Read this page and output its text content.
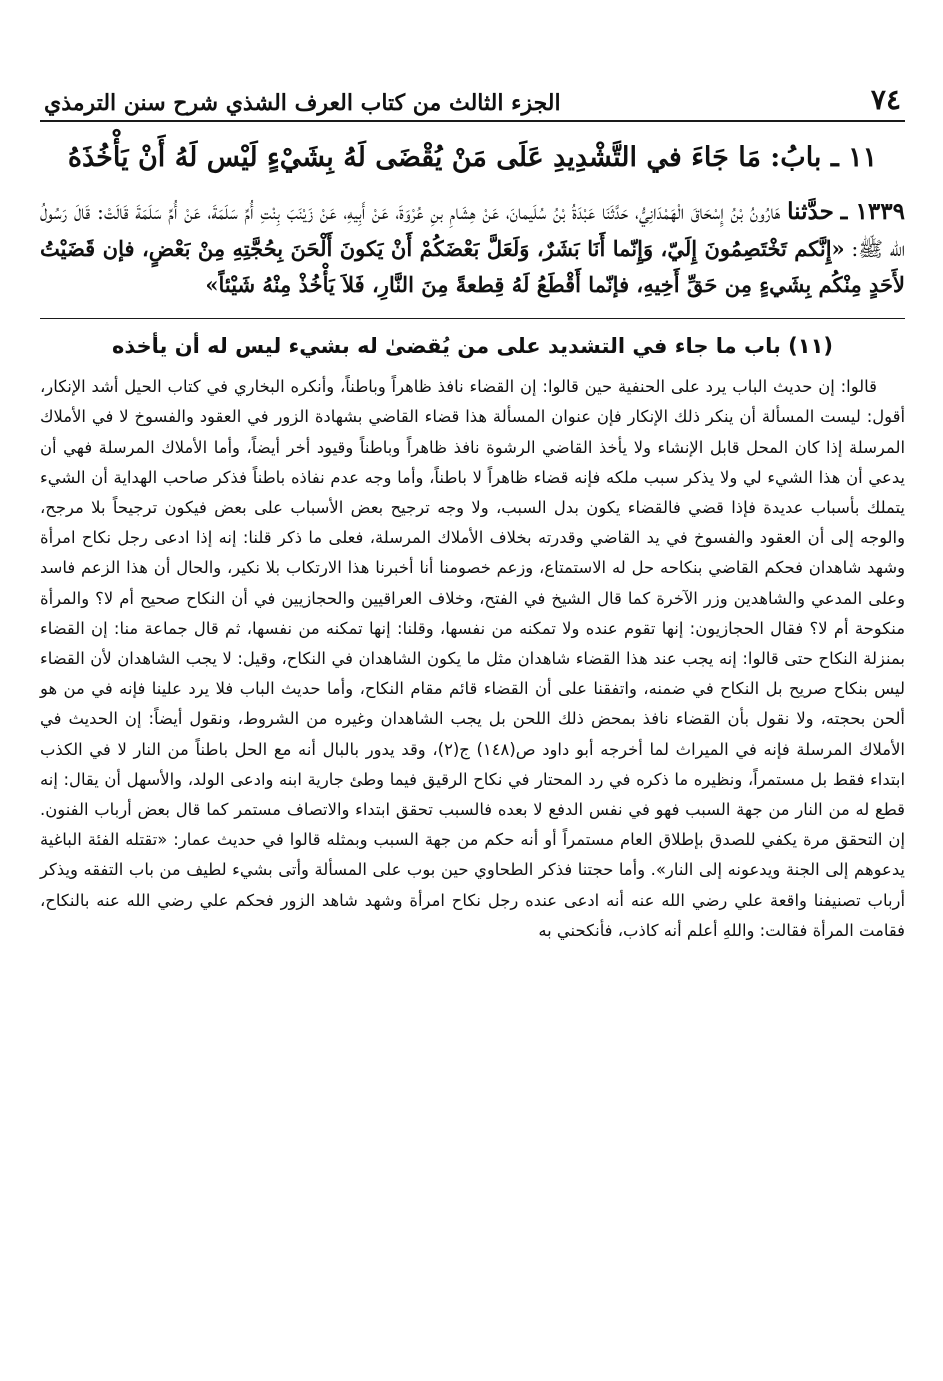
٧٤
الجزء الثالث من كتاب العرف الشذي شرح سنن الترمذي
١١ ـ بابُ: مَا جَاءَ في التَّشْدِيدِ عَلَى مَنْ يُقْضَى لَهُ بِشَيْءٍ لَيْس لَهُ أَنْ يَأْخُذَهُ
١٣٣٩ ـ حدَّثنا هَارُونُ بْنُ إِسْحَاقَ الْهَمْدَانِيُّ، حَدَّثَنَا عَبْدَةُ بْنُ سُلَيمانَ، عَنْ هِشَامِ بنِ عُرْوَةَ، عَنْ أَبِيهِ، عَنْ زَيْنَبَ بِنْتِ أُمِّ سَلَمَةَ، عَنْ أُمِّ سَلَمَةَ قَالَتْ: قَالَ رَسُولُ الله ﷺ: «إِنَّكم تَخْتَصِمُونَ إِلَيّ، وَإِنّما أَنَا بَشَرٌ، وَلَعَلَّ بَعْضَكُمْ أَنْ يَكونَ أَلْحَنَ بِحُجَّتِهِ مِنْ بَعْضٍ، فإن قَضَيْتُ لأَحَدٍ مِنْكُم بِشَيءٍ مِن حَقِّ أَخِيهِ، فإنّما أَقْطَعُ لَهُ قِطعةً مِنَ النَّارِ، فَلاَ يَأْخُذْ مِنْهُ شَيْئاً»
(١١) باب ما جاء في التشديد على من يُقضىٰ له بشيء ليس له أن يأخذه
قالوا: إن حديث الباب يرد على الحنفية حين قالوا: إن القضاء نافذ ظاهراً وباطناً، وأنكره البخاري في كتاب الحيل أشد الإنكار، أقول: ليست المسألة أن ينكر ذلك الإنكار فإن عنوان المسألة هذا قضاء القاضي بشهادة الزور في العقود والفسوخ لا في الأملاك المرسلة إذا كان المحل قابل الإنشاء ولا يأخذ القاضي الرشوة نافذ ظاهراً وباطناً وقيود أخر أيضاً، وأما الأملاك المرسلة فهي أن يدعي أن هذا الشيء لي ولا يذكر سبب ملكه فإنه قضاء ظاهراً لا باطناً، وأما وجه عدم نفاذه باطناً فذكر صاحب الهداية أن الشيء يتملك بأسباب عديدة فإذا قضي فالقضاء يكون بدل السبب، ولا وجه ترجيح بعض الأسباب على بعض فيكون ترجيحاً بلا مرجح، والوجه إلى أن العقود والفسوخ في يد القاضي وقدرته بخلاف الأملاك المرسلة، فعلى ما ذكر قلنا: إنه إذا ادعى رجل نكاح امرأة وشهد شاهدان فحكم القاضي بنكاحه حل له الاستمتاع، وزعم خصومنا أنا أخبرنا هذا الارتكاب بلا نكير، والحال أن هذا الزعم فاسد وعلى المدعي والشاهدين وزر الآخرة كما قال الشيخ في الفتح، وخلاف العراقيين والحجازيين في أن النكاح صحيح أم لا؟ والمرأة منكوحة أم لا؟ فقال الحجازيون: إنها تقوم عنده ولا تمكنه من نفسها، وقلنا: إنها تمكنه من نفسها، ثم قال جماعة منا: إن القضاء بمنزلة النكاح حتى قالوا: إنه يجب عند هذا القضاء شاهدان مثل ما يكون الشاهدان في النكاح، وقيل: لا يجب الشاهدان لأن القضاء ليس بنكاح صريح بل النكاح في ضمنه، واتفقنا على أن القضاء قائم مقام النكاح، وأما حديث الباب فلا يرد علينا فإنه في من هو ألحن بحجته، ولا نقول بأن القضاء نافذ بمحض ذلك اللحن بل يجب الشاهدان وغيره من الشروط، ونقول أيضاً: إن الحديث في الأملاك المرسلة فإنه في الميراث لما أخرجه أبو داود ص(١٤٨) ج(٢)، وقد يدور بالبال أنه مع الحل باطناً من النار لا في الكذب ابتداء فقط بل مستمراً، ونظيره ما ذكره في رد المحتار في نكاح الرقيق فيما وطئ جارية ابنه وادعى الولد، والأسهل أن يقال: إنه قطع له من النار من جهة السبب فهو في نفس الدفع لا بعده فالسبب تحقق ابتداء والاتصاف مستمر كما قال بعض أرباب الفنون. إن التحقق مرة يكفي للصدق بإطلاق العام مستمراً أو أنه حكم من جهة السبب وبمثله قالوا في حديث عمار: «تقتله الفئة الباغية يدعوهم إلى الجنة ويدعونه إلى النار». وأما حجتنا فذكر الطحاوي حين بوب على المسألة وأتى بشيء لطيف من باب التفقه ويذكر أرباب تصنيفنا واقعة علي رضي الله عنه أنه ادعى عنده رجل نكاح امرأة وشهد شاهد الزور فحكم علي رضي الله عنه بالنكاح، فقامت المرأة فقالت: واللهِ أعلم أنه كاذب، فأنكحني به
